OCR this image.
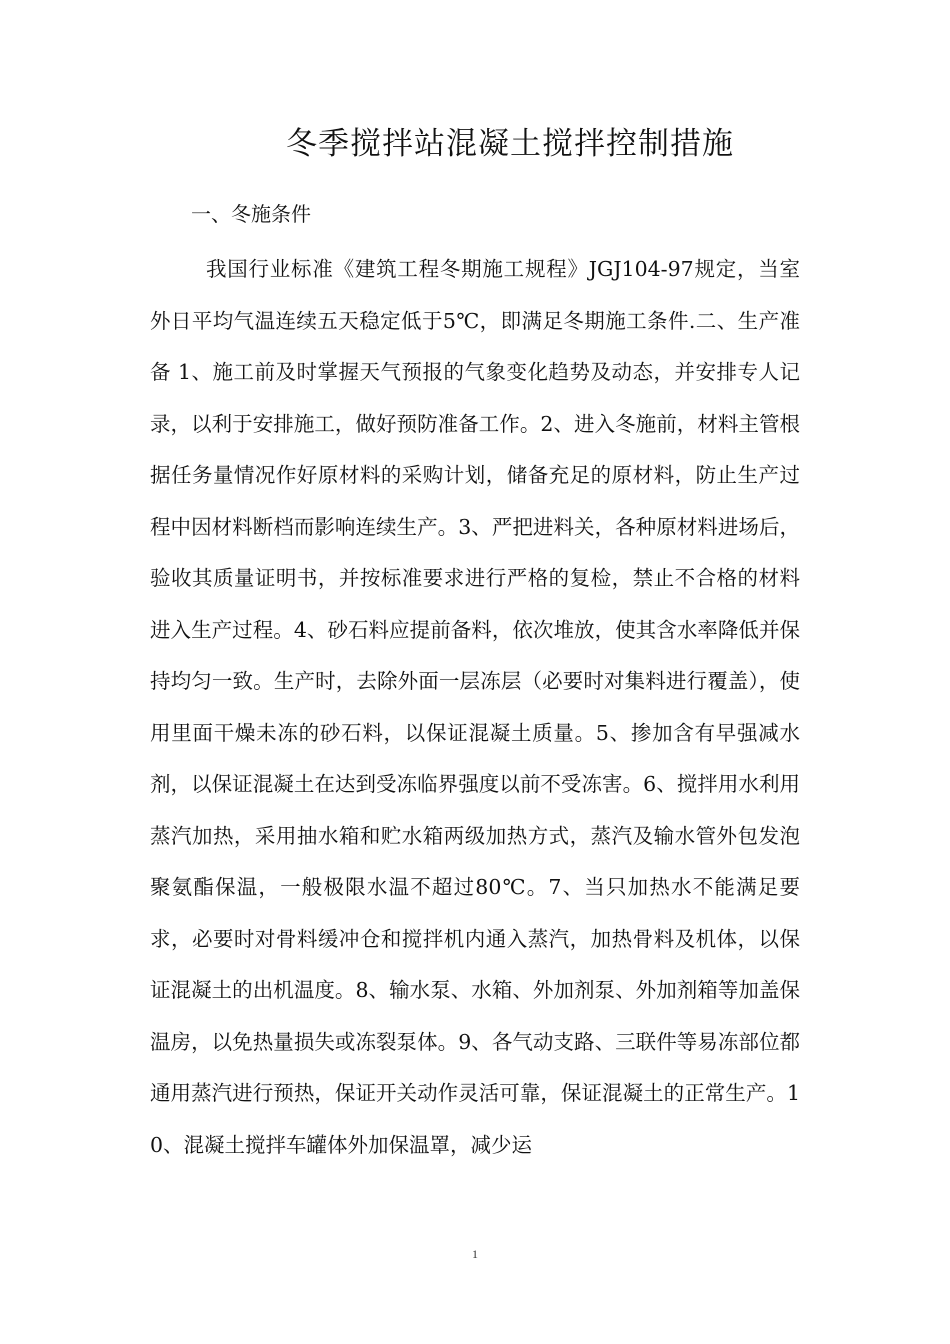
冬季搅拌站混凝土搅拌控制措施
一、冬施条件

我国行业标准《建筑工程冬期施工规程》JGJ104-97规定，当室外日平均气温连续五天稳定低于5℃，即满足冬期施工条件.二、生产准备 1、施工前及时掌握天气预报的气象变化趋势及动态，并安排专人记录，以利于安排施工，做好预防准备工作。2、进入冬施前，材料主管根据任务量情况作好原材料的采购计划，储备充足的原材料，防止生产过程中因材料断档而影响连续生产。3、严把进料关，各种原材料进场后，验收其质量证明书，并按标准要求进行严格的复检，禁止不合格的材料进入生产过程。4、砂石料应提前备料，依次堆放，使其含水率降低并保持均匀一致。生产时，去除外面一层冻层（必要时对集料进行覆盖），使用里面干燥未冻的砂石料，以保证混凝土质量。5、掺加含有早强减水剂，以保证混凝土在达到受冻临界强度以前不受冻害。6、搅拌用水利用蒸汽加热，采用抽水箱和贮水箱两级加热方式，蒸汽及输水管外包发泡聚氨酯保温，一般极限水温不超过80℃。7、当只加热水不能满足要求，必要时对骨料缓冲仓和搅拌机内通入蒸汽，加热骨料及机体，以保证混凝土的出机温度。8、输水泵、水箱、外加剂泵、外加剂箱等加盖保温房，以免热量损失或冻裂泵体。9、各气动支路、三联件等易冻部位都通用蒸汽进行预热，保证开关动作灵活可靠，保证混凝土的正常生产。10、混凝土搅拌车罐体外加保温罩，减少运

1
